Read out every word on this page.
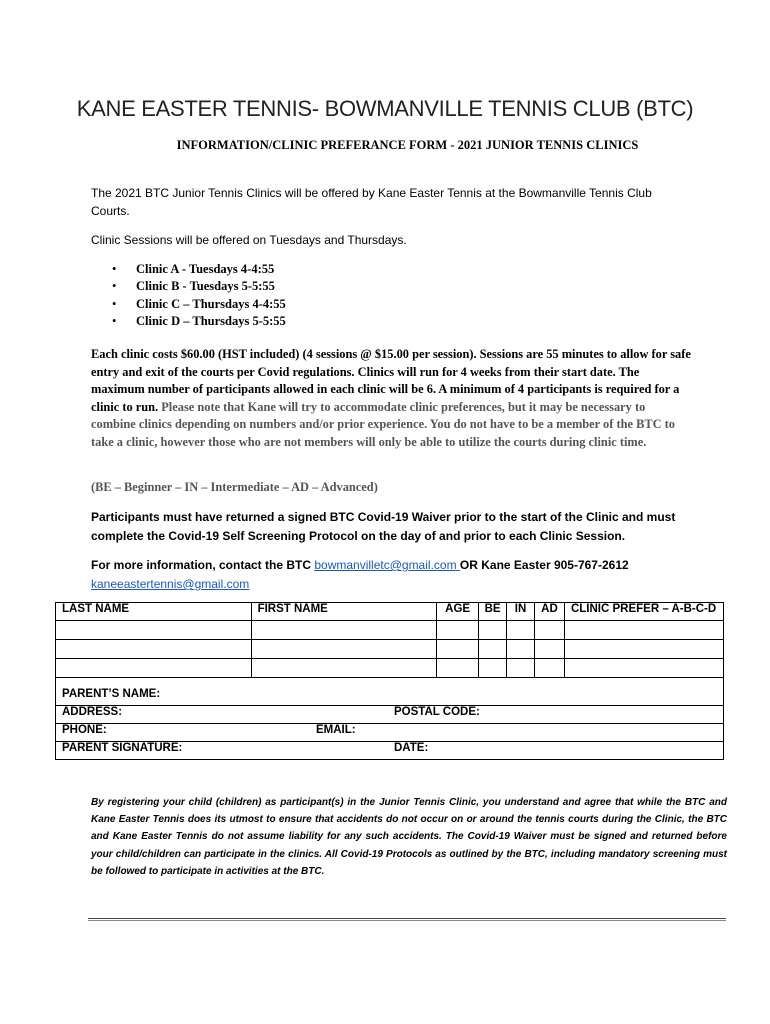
KANE EASTER TENNIS- BOWMANVILLE TENNIS CLUB (BTC)
INFORMATION/CLINIC PREFERANCE FORM - 2021 JUNIOR TENNIS CLINICS
The 2021 BTC Junior Tennis Clinics will be offered by Kane Easter Tennis at the Bowmanville Tennis Club Courts.
Clinic Sessions will be offered on Tuesdays and Thursdays.
• Clinic A - Tuesdays 4-4:55
• Clinic B - Tuesdays 5-5:55
• Clinic C – Thursdays 4-4:55
• Clinic D – Thursdays 5-5:55
Each clinic costs $60.00 (HST included) (4 sessions @ $15.00 per session). Sessions are 55 minutes to allow for safe entry and exit of the courts per Covid regulations. Clinics will run for 4 weeks from their start date. The maximum number of participants allowed in each clinic will be 6. A minimum of 4 participants is required for a clinic to run. Please note that Kane will try to accommodate clinic preferences, but it may be necessary to combine clinics depending on numbers and/or prior experience. You do not have to be a member of the BTC to take a clinic, however those who are not members will only be able to utilize the courts during clinic time.
(BE – Beginner – IN – Intermediate – AD – Advanced)
Participants must have returned a signed BTC Covid-19 Waiver prior to the start of the Clinic and must complete the Covid-19 Self Screening Protocol on the day of and prior to each Clinic Session.
For more information, contact the BTC bowmanvilletc@gmail.com OR Kane Easter 905-767-2612
kaneeastertennis@gmail.com
LAST NAME	FIRST NAME	AGE	BE	IN	AD	CLINIC PREFER – A-B-C-D

PARENT’S NAME:						
ADDRESS: POSTAL CODE:						
PHONE: EMAIL:						
PARENT SIGNATURE: DATE:						
By registering your child (children) as participant(s) in the Junior Tennis Clinic, you understand and agree that while the BTC and Kane Easter Tennis does its utmost to ensure that accidents do not occur on or around the tennis courts during the Clinic, the BTC and Kane Easter Tennis do not assume liability for any such accidents. The Covid-19 Waiver must be signed and returned before your child/children can participate in the clinics. All Covid-19 Protocols as outlined by the BTC, including mandatory screening must be followed to participate in activities at the BTC.
